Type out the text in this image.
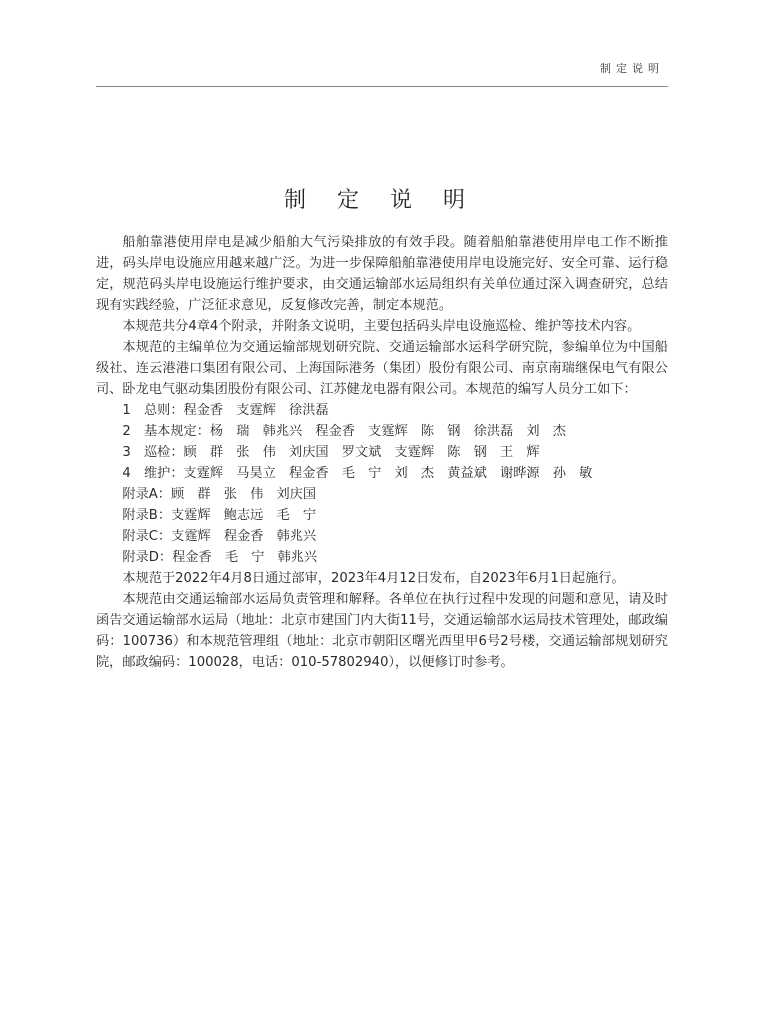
制定说明
制 定 说 明

船舶靠港使用岸电是减少船舶大气污染排放的有效手段。随着船舶靠港使用岸电工作不断推进，码头岸电设施应用越来越广泛。为进一步保障船舶靠港使用岸电设施完好、安全可靠、运行稳定，规范码头岸电设施运行维护要求，由交通运输部水运局组织有关单位通过深入调查研究，总结现有实践经验，广泛征求意见，反复修改完善，制定本规范。

本规范共分4章4个附录，并附条文说明，主要包括码头岸电设施巡检、维护等技术内容。

本规范的主编单位为交通运输部规划研究院、交通运输部水运科学研究院，参编单位为中国船级社、连云港港口集团有限公司、上海国际港务（集团）股份有限公司、南京南瑞继保电气有限公司、卧龙电气驱动集团股份有限公司、江苏健龙电器有限公司。本规范的编写人员分工如下：

1　总则：程金香　支霆辉　徐洪磊

2　基本规定：杨　瑞　韩兆兴　程金香　支霆辉　陈　钢　徐洪磊　刘　杰

3　巡检：顾　群　张　伟　刘庆国　罗文斌　支霆辉　陈　钢　王　辉

4　维护：支霆辉　马昊立　程金香　毛　宁　刘　杰　黄益斌　谢晔源　孙　敏

附录A：顾　群　张　伟　刘庆国

附录B：支霆辉　鲍志远　毛　宁

附录C：支霆辉　程金香　韩兆兴

附录D：程金香　毛　宁　韩兆兴

本规范于2022年4月8日通过部审，2023年4月12日发布，自2023年6月1日起施行。

本规范由交通运输部水运局负责管理和解释。各单位在执行过程中发现的问题和意见，请及时函告交通运输部水运局（地址：北京市建国门内大街11号，交通运输部水运局技术管理处，邮政编码：100736）和本规范管理组（地址：北京市朝阳区曙光西里甲6号2号楼，交通运输部规划研究院，邮政编码：100028，电话：010-57802940），以便修订时参考。
